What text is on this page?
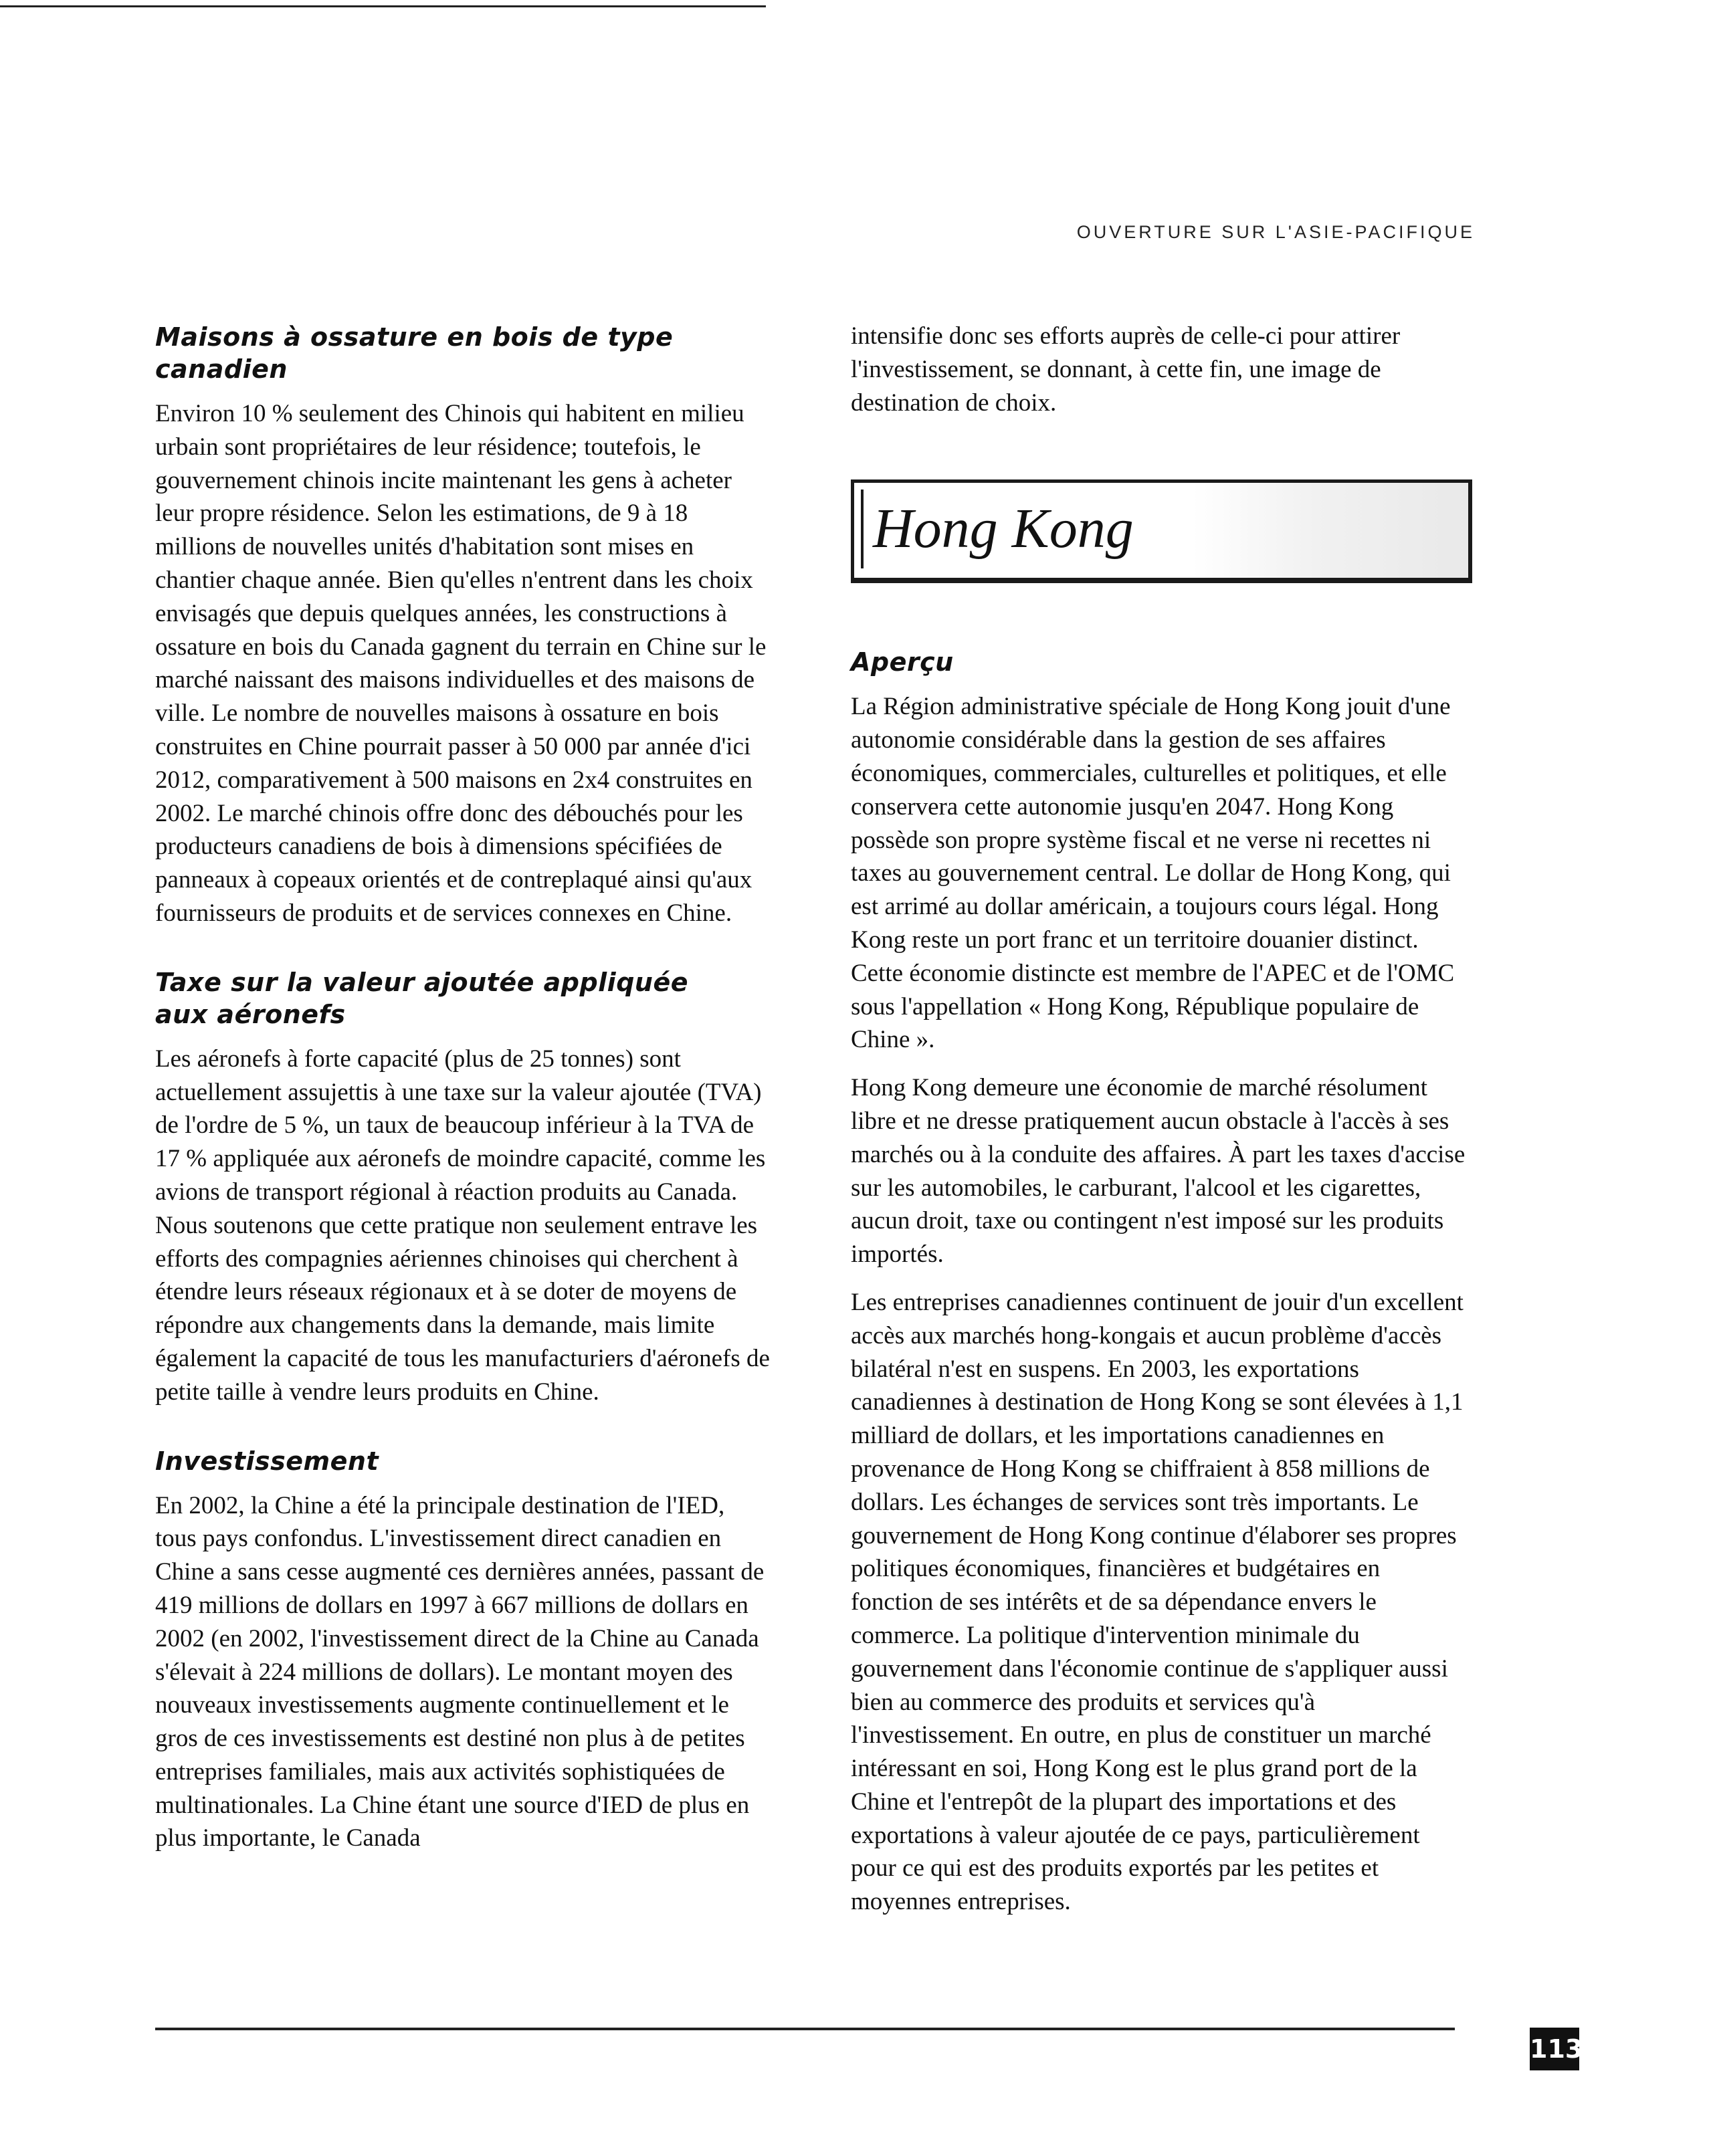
OUVERTURE SUR L'ASIE-PACIFIQUE
Maisons à ossature en bois de type canadien

Environ 10 % seulement des Chinois qui habitent en milieu urbain sont propriétaires de leur résidence; toutefois, le gouvernement chinois incite maintenant les gens à acheter leur propre résidence. Selon les estimations, de 9 à 18 millions de nouvelles unités d'habitation sont mises en chantier chaque année. Bien qu'elles n'entrent dans les choix envisagés que depuis quelques années, les constructions à ossature en bois du Canada gagnent du terrain en Chine sur le marché naissant des maisons individuelles et des maisons de ville. Le nombre de nouvelles maisons à ossature en bois construites en Chine pourrait passer à 50 000 par année d'ici 2012, comparativement à 500 maisons en 2x4 construites en 2002. Le marché chinois offre donc des débouchés pour les producteurs canadiens de bois à dimensions spécifiées de panneaux à copeaux orientés et de contreplaqué ainsi qu'aux fournisseurs de produits et de services connexes en Chine.

Taxe sur la valeur ajoutée appliquée
aux aéronefs

Les aéronefs à forte capacité (plus de 25 tonnes) sont actuellement assujettis à une taxe sur la valeur ajoutée (TVA) de l'ordre de 5 %, un taux de beaucoup inférieur à la TVA de 17 % appliquée aux aéronefs de moindre capacité, comme les avions de transport régional à réaction produits au Canada. Nous soutenons que cette pratique non seulement entrave les efforts des compagnies aériennes chinoises qui cherchent à étendre leurs réseaux régionaux et à se doter de moyens de répondre aux changements dans la demande, mais limite également la capacité de tous les manufacturiers d'aéronefs de petite taille à vendre leurs produits en Chine.

Investissement

En 2002, la Chine a été la principale destination de l'IED, tous pays confondus. L'investissement direct canadien en Chine a sans cesse augmenté ces dernières années, passant de 419 millions de dollars en 1997 à 667 millions de dollars en 2002 (en 2002, l'investissement direct de la Chine au Canada s'élevait à 224 millions de dollars). Le montant moyen des nouveaux investissements augmente continuellement et le gros de ces investissements est destiné non plus à de petites entreprises familiales, mais aux activités sophistiquées de multinationales. La Chine étant une source d'IED de plus en plus importante, le Canada

intensifie donc ses efforts auprès de celle-ci pour attirer l'investissement, se donnant, à cette fin, une image de destination de choix.

Hong Kong
Aperçu

La Région administrative spéciale de Hong Kong jouit d'une autonomie considérable dans la gestion de ses affaires économiques, commerciales, culturelles et politiques, et elle conservera cette autonomie jusqu'en 2047. Hong Kong possède son propre système fiscal et ne verse ni recettes ni taxes au gouvernement central. Le dollar de Hong Kong, qui est arrimé au dollar américain, a toujours cours légal. Hong Kong reste un port franc et un territoire douanier distinct. Cette économie distincte est membre de l'APEC et de l'OMC sous l'appellation « Hong Kong, République populaire de Chine ».

Hong Kong demeure une économie de marché résolument libre et ne dresse pratiquement aucun obstacle à l'accès à ses marchés ou à la conduite des affaires. À part les taxes d'accise sur les automobiles, le carburant, l'alcool et les cigarettes, aucun droit, taxe ou contingent n'est imposé sur les produits importés.

Les entreprises canadiennes continuent de jouir d'un excellent accès aux marchés hong-kongais et aucun problème d'accès bilatéral n'est en suspens. En 2003, les exportations canadiennes à destination de Hong Kong se sont élevées à 1,1 milliard de dollars, et les importations canadiennes en provenance de Hong Kong se chiffraient à 858 millions de dollars. Les échanges de services sont très importants. Le gouvernement de Hong Kong continue d'élaborer ses propres politiques économiques, financières et budgétaires en fonction de ses intérêts et de sa dépendance envers le commerce. La politique d'intervention minimale du gouvernement dans l'économie continue de s'appliquer aussi bien au commerce des produits et services qu'à l'investissement. En outre, en plus de constituer un marché intéressant en soi, Hong Kong est le plus grand port de la Chine et l'entrepôt de la plupart des importations et des exportations à valeur ajoutée de ce pays, particulièrement pour ce qui est des produits exportés par les petites et moyennes entreprises.

113
